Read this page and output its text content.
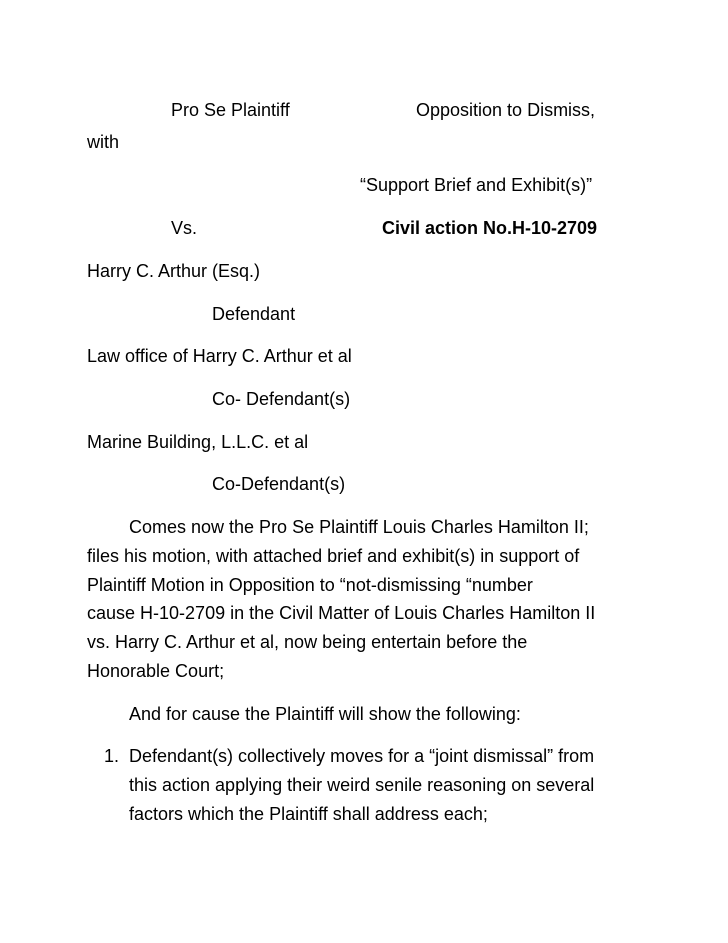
Pro Se Plaintiff	Opposition to Dismiss,
with
“Support Brief and Exhibit(s)”
Vs.	Civil action No.H-10-2709
Harry C. Arthur (Esq.)
Defendant
Law office of Harry C. Arthur et al
Co- Defendant(s)
Marine Building, L.L.C. et al
Co-Defendant(s)
Comes now the Pro Se Plaintiff Louis Charles Hamilton II;
files his motion, with attached brief and exhibit(s) in support of
Plaintiff Motion in Opposition to “not-dismissing “number
cause H-10-2709 in the Civil Matter of Louis Charles Hamilton II
vs. Harry C. Arthur et al, now being entertain before the
Honorable Court;
And for cause the Plaintiff will show the following:
1. Defendant(s) collectively moves for a “joint dismissal” from
this action applying their weird senile reasoning on several
factors which the Plaintiff shall address each;
